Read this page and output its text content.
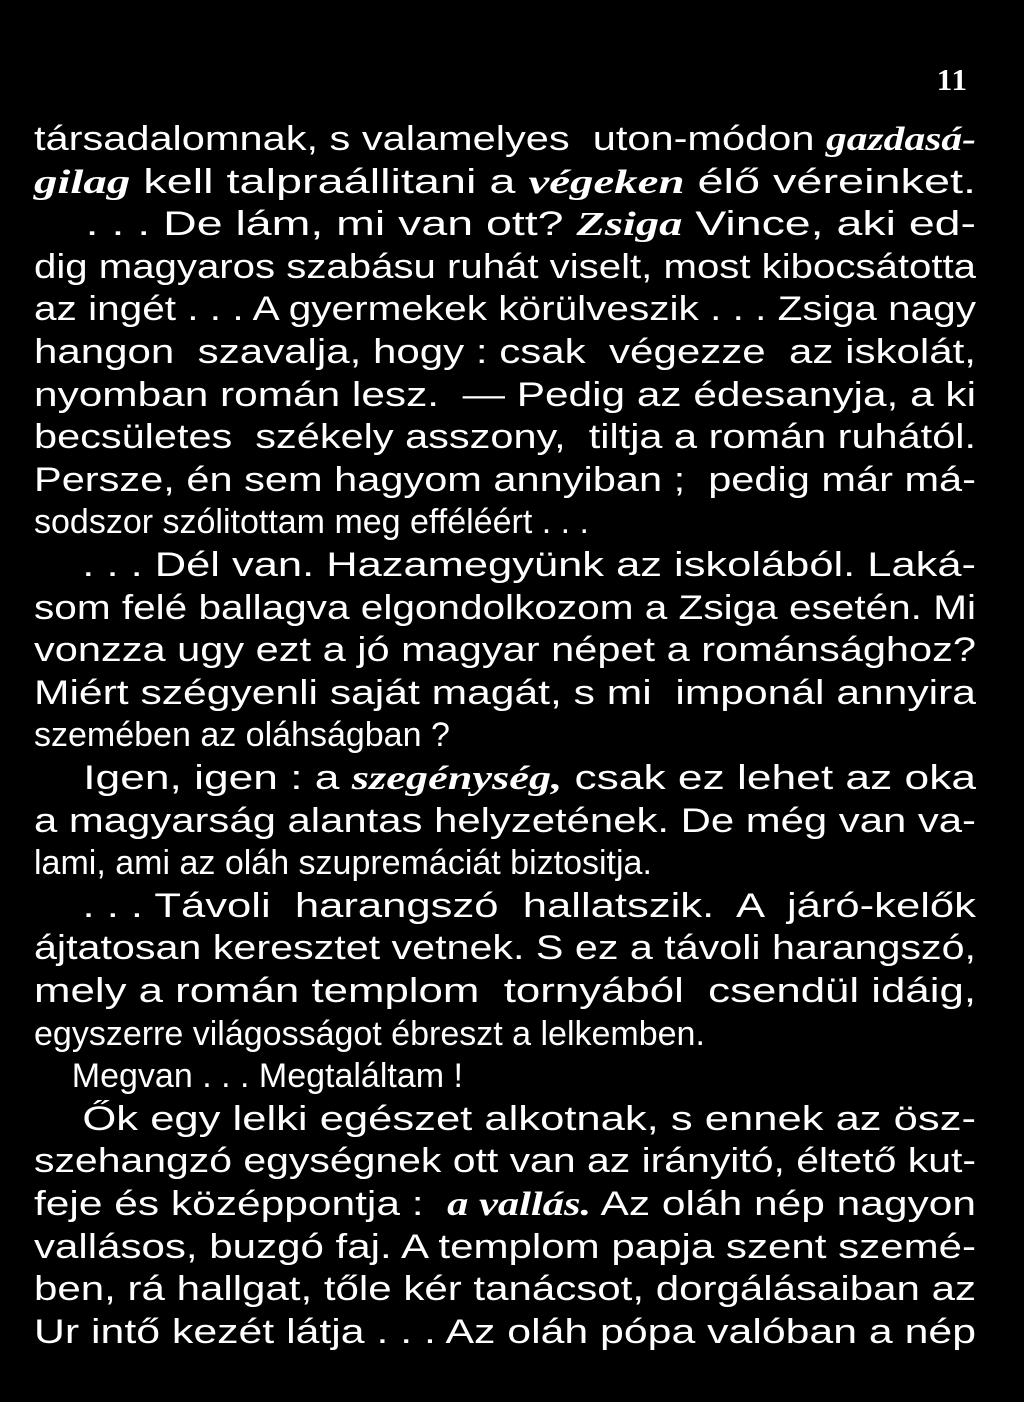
11
társadalomnak, s valamelyes  uton-módon gazdasá-
gilag kell talpraállitani a végeken élő véreinket.
. . . De lám, mi van ott? Zsiga Vince, aki ed-
dig magyaros szabásu ruhát viselt, most kibocsátotta
az ingét . . . A gyermekek körülveszik . . . Zsiga nagy
hangon  szavalja, hogy : csak  végezze  az iskolát,
nyomban román lesz.  — Pedig az édesanyja, a ki
becsületes  székely asszony,  tiltja a román ruhától.
Persze, én sem hagyom annyiban ;  pedig már má-
sodszor szólitottam meg efféléért . . .
. . . Dél van. Hazamegyünk az iskolából. Laká-
som felé ballagva elgondolkozom a Zsiga esetén. Mi
vonzza ugy ezt a jó magyar népet a románsághoz?
Miért szégyenli saját magát, s mi  imponál annyira
szemében az oláhságban ?
Igen, igen : a szegénység, csak ez lehet az oka
a magyarság alantas helyzetének. De még van va-
lami, ami az oláh szupremáciát biztositja.
. . . Távoli  harangszó  hallatszik.  A  járó-kelők
ájtatosan keresztet vetnek. S ez a távoli harangszó,
mely a román templom  tornyából  csendül idáig,
egyszerre világosságot ébreszt a lelkemben.
Megvan . . . Megtaláltam !
Ők egy lelki egészet alkotnak, s ennek az ösz-
szehangzó egységnek ott van az irányitó, éltető kut-
feje és középpontja :  a vallás. Az oláh nép nagyon
vallásos, buzgó faj. A templom papja szent szemé-
ben, rá hallgat, tőle kér tanácsot, dorgálásaiban az
Ur intő kezét látja . . . Az oláh pópa valóban a nép
